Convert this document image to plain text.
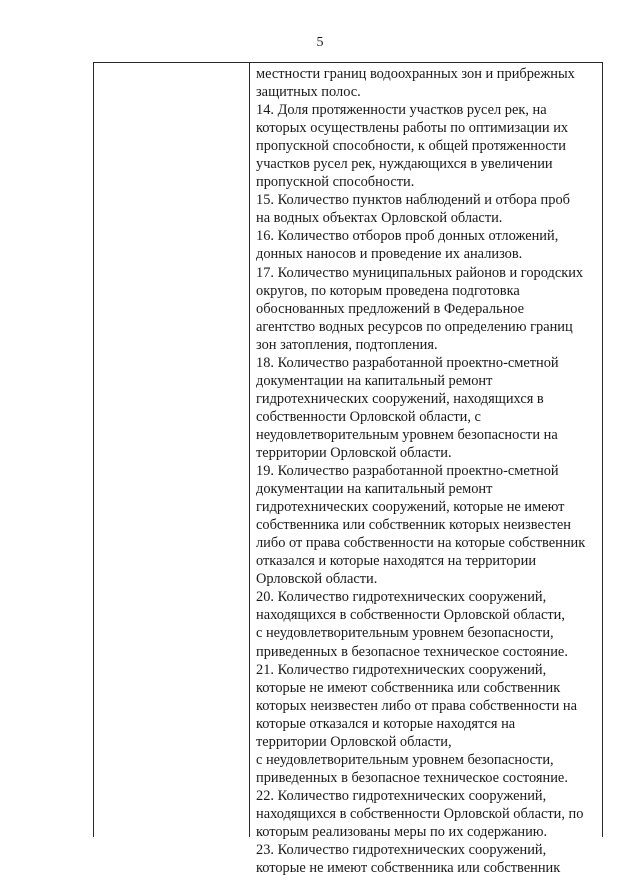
5
местности границ водоохранных зон и прибрежных
защитных полос.
14. Доля протяженности участков русел рек, на
которых осуществлены работы по оптимизации их
пропускной способности, к общей протяженности
участков русел рек, нуждающихся в увеличении
пропускной способности.
15. Количество пунктов наблюдений и отбора проб
на водных объектах Орловской области.
16. Количество отборов проб донных отложений,
донных наносов и проведение их анализов.
17. Количество муниципальных районов и городских
округов, по которым проведена подготовка
обоснованных предложений в Федеральное
агентство водных ресурсов по определению границ
зон затопления, подтопления.
18. Количество разработанной проектно-сметной
документации на капитальный ремонт
гидротехнических сооружений, находящихся в
собственности Орловской области, с
неудовлетворительным уровнем безопасности на
территории Орловской области.
19. Количество разработанной проектно-сметной
документации на капитальный ремонт
гидротехнических сооружений, которые не имеют
собственника или собственник которых неизвестен
либо от права собственности на которые собственник
отказался и которые находятся на территории
Орловской области.
20. Количество гидротехнических сооружений,
находящихся в собственности Орловской области,
с неудовлетворительным уровнем безопасности,
приведенных в безопасное техническое состояние.
21. Количество гидротехнических сооружений,
которые не имеют собственника или собственник
которых неизвестен либо от права собственности на
которые отказался и которые находятся на
территории Орловской области,
с неудовлетворительным уровнем безопасности,
приведенных в безопасное техническое состояние.
22. Количество гидротехнических сооружений,
находящихся в собственности Орловской области, по
которым реализованы меры по их содержанию.
23. Количество гидротехнических сооружений,
которые не имеют собственника или собственник
